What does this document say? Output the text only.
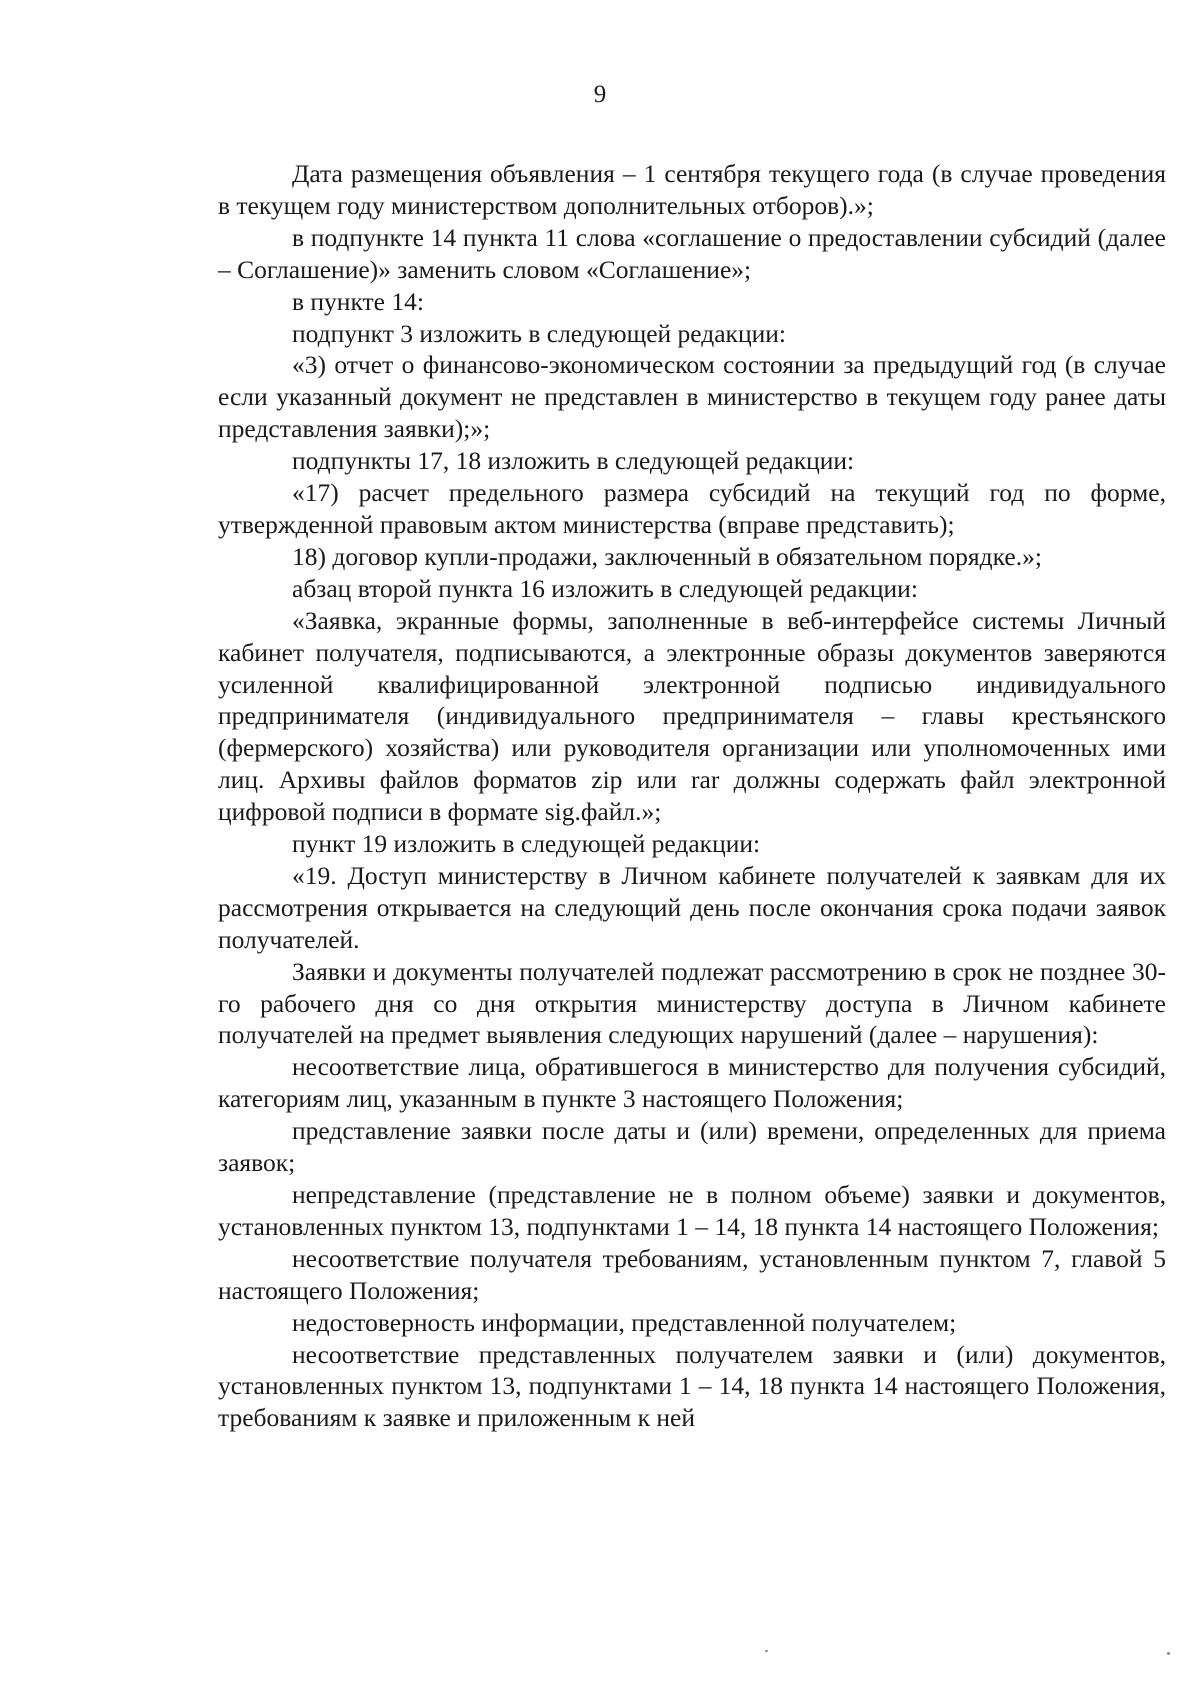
9

Дата размещения объявления – 1 сентября текущего года (в случае проведения в текущем году министерством дополнительных отборов).»;

в подпункте 14 пункта 11 слова «соглашение о предоставлении субсидий (далее – Соглашение)» заменить словом «Соглашение»;

в пункте 14:

подпункт 3 изложить в следующей редакции:

«3) отчет о финансово-экономическом состоянии за предыдущий год (в случае если указанный документ не представлен в министерство в текущем году ранее даты представления заявки);»;

подпункты 17, 18 изложить в следующей редакции:

«17) расчет предельного размера субсидий на текущий год по форме, утвержденной правовым актом министерства (вправе представить);

18) договор купли-продажи, заключенный в обязательном порядке.»;

абзац второй пункта 16 изложить в следующей редакции:

«Заявка, экранные формы, заполненные в веб-интерфейсе системы Личный кабинет получателя, подписываются, а электронные образы документов заверяются усиленной квалифицированной электронной подписью индивидуального предпринимателя (индивидуального предпринимателя – главы крестьянского (фермерского) хозяйства) или руководителя организации или уполномоченных ими лиц. Архивы файлов форматов zip или rar должны содержать файл электронной цифровой подписи в формате sig.файл.»;

пункт 19 изложить в следующей редакции:

«19. Доступ министерству в Личном кабинете получателей к заявкам для их рассмотрения открывается на следующий день после окончания срока подачи заявок получателей.

Заявки и документы получателей подлежат рассмотрению в срок не позднее 30-го рабочего дня со дня открытия министерству доступа в Личном кабинете получателей на предмет выявления следующих нарушений (далее – нарушения):

несоответствие лица, обратившегося в министерство для получения субсидий, категориям лиц, указанным в пункте 3 настоящего Положения;

представление заявки после даты и (или) времени, определенных для приема заявок;

непредставление (представление не в полном объеме) заявки и документов, установленных пунктом 13, подпунктами 1 – 14, 18 пункта 14 настоящего Положения;

несоответствие получателя требованиям, установленным пунктом 7, главой 5 настоящего Положения;

недостоверность информации, представленной получателем;

несоответствие представленных получателем заявки и (или) документов, установленных пунктом 13, подпунктами 1 – 14, 18 пункта 14 настоящего Положения, требованиям к заявке и приложенным к ней
